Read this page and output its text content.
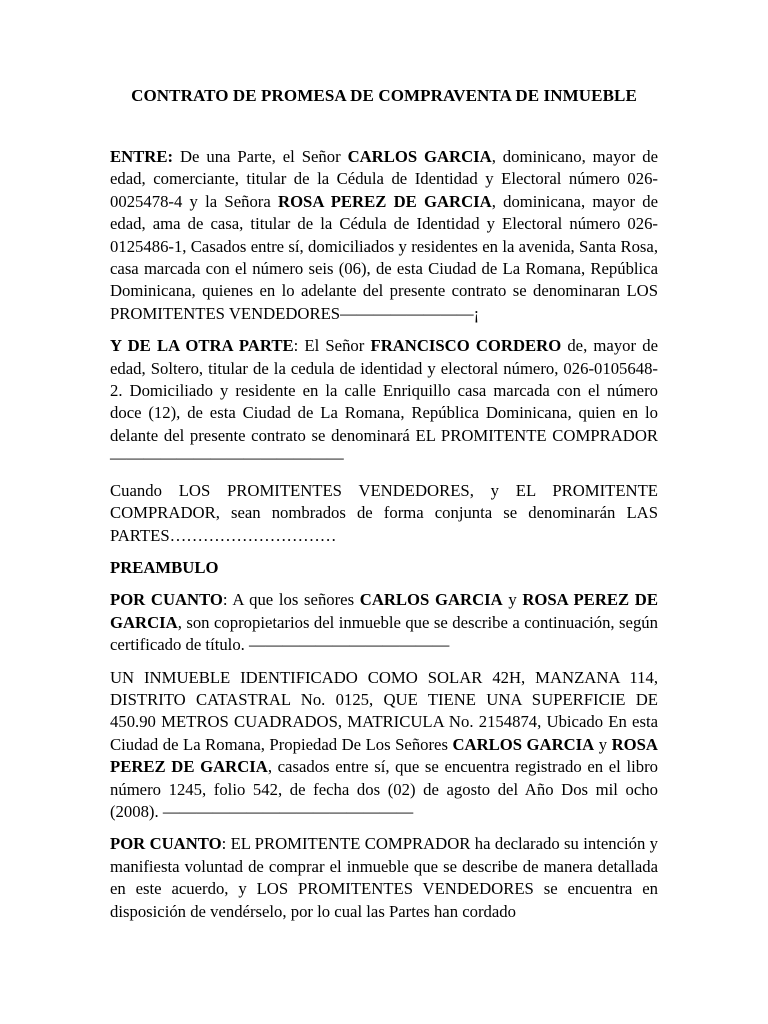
CONTRATO DE PROMESA DE COMPRAVENTA DE INMUEBLE

ENTRE: De una Parte, el Señor CARLOS GARCIA, dominicano, mayor de edad, comerciante, titular de la Cédula de Identidad y Electoral número 026-0025478-4 y la Señora ROSA PEREZ DE GARCIA, dominicana, mayor de edad, ama de casa, titular de la Cédula de Identidad y Electoral número 026-0125486-1, Casados entre sí, domiciliados y residentes en la avenida, Santa Rosa, casa marcada con el número seis (06), de esta Ciudad de La Romana, República Dominicana, quienes en lo adelante del presente contrato se denominaran LOS PROMITENTES VENDEDORES————————¡

Y DE LA OTRA PARTE: El Señor FRANCISCO CORDERO de, mayor de edad, Soltero, titular de la cedula de identidad y electoral número, 026-0105648-2. Domiciliado y residente en la calle Enriquillo casa marcada con el número doce (12), de esta Ciudad de La Romana, República Dominicana, quien en lo delante del presente contrato se denominará EL PROMITENTE COMPRADOR——————————————

Cuando LOS PROMITENTES VENDEDORES, y EL PROMITENTE COMPRADOR, sean nombrados de forma conjunta se denominarán LAS PARTES…………………………

PREAMBULO

POR CUANTO: A que los señores CARLOS GARCIA y ROSA PEREZ DE GARCIA, son copropietarios del inmueble que se describe a continuación, según certificado de título. ————————————

UN INMUEBLE IDENTIFICADO COMO SOLAR 42H, MANZANA 114, DISTRITO CATASTRAL No. 0125, QUE TIENE UNA SUPERFICIE DE 450.90 METROS CUADRADOS, MATRICULA No. 2154874, Ubicado En esta Ciudad de La Romana, Propiedad De Los Señores CARLOS GARCIA y ROSA PEREZ DE GARCIA, casados entre sí, que se encuentra registrado en el libro número 1245, folio 542, de fecha dos (02) de agosto del Año Dos mil ocho (2008). ———————————————

POR CUANTO: EL PROMITENTE COMPRADOR ha declarado su intención y manifiesta voluntad de comprar el inmueble que se describe de manera detallada en este acuerdo, y LOS PROMITENTES VENDEDORES se encuentra en disposición de vendérselo, por lo cual las Partes han cordado
